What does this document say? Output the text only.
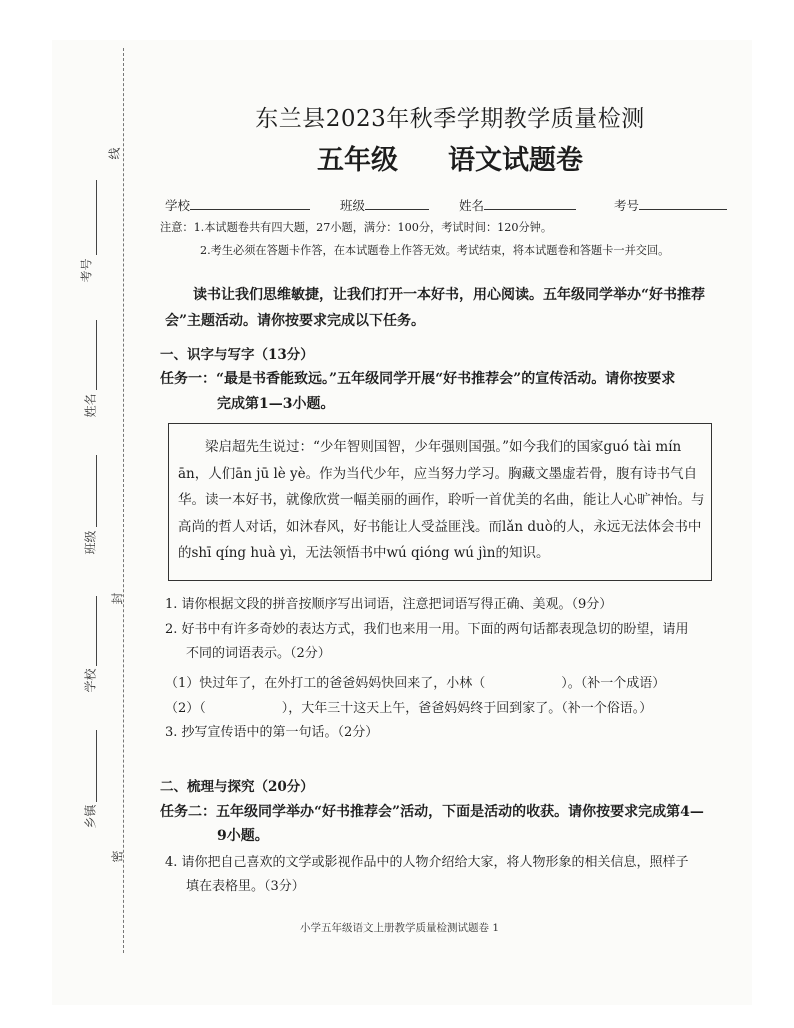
线
考号
姓名
班级
封
学校
乡镇
密
东兰县2023年秋季学期教学质量检测
五年级 语文试题卷
学校	班级	姓名	考号
注意：1.本试题卷共有四大题，27小题，满分：100分，考试时间：120分钟。
2.考生必须在答题卡作答，在本试题卷上作答无效。考试结束，将本试题卷和答题卡一并交回。
读书让我们思维敏捷，让我们打开一本好书，用心阅读。五年级同学举办“好书推荐会”主题活动。请你按要求完成以下任务。
一、识字与写字（13分）
任务一：“最是书香能致远。”五年级同学开展“好书推荐会”的宣传活动。请你按要求
完成第1—3小题。
梁启超先生说过：“少年智则国智，少年强则国强。”如今我们的国家guó tài mín ān，人们ān jū lè yè。作为当代少年，应当努力学习。胸藏文墨虚若骨，腹有诗书气自华。读一本好书，就像欣赏一幅美丽的画作，聆听一首优美的名曲，能让人心旷神怡。与高尚的哲人对话，如沐春风，好书能让人受益匪浅。而lǎn duò的人，永远无法体会书中的shī qíng huà yì，无法领悟书中wú qióng wú jìn的知识。
1. 请你根据文段的拼音按顺序写出词语，注意把词语写得正确、美观。（9分）
2. 好书中有许多奇妙的表达方式，我们也来用一用。下面的两句话都表现急切的盼望，请用
不同的词语表示。（2分）
（1）快过年了，在外打工的爸爸妈妈快回来了，小林（	）。（补一个成语）
（2）（	），大年三十这天上午，爸爸妈妈终于回到家了。（补一个俗语。）
3. 抄写宣传语中的第一句话。（2分）
二、梳理与探究（20分）
任务二：五年级同学举办“好书推荐会”活动，下面是活动的收获。请你按要求完成第4—
9小题。
4. 请你把自己喜欢的文学或影视作品中的人物介绍给大家，将人物形象的相关信息，照样子
填在表格里。（3分）
小学五年级语文上册教学质量检测试题卷 1
